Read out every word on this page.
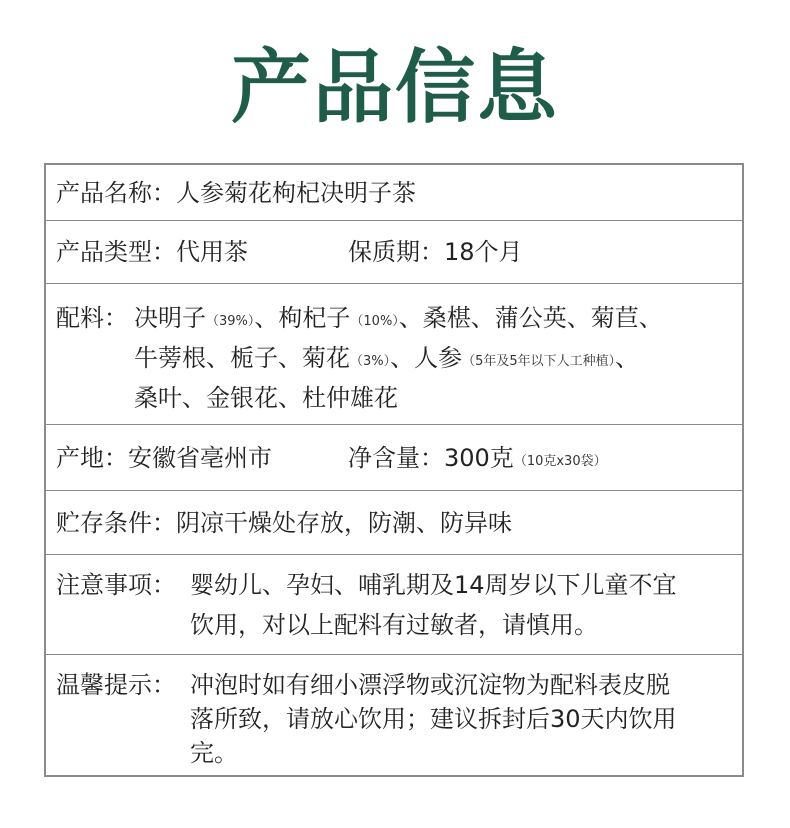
产品信息
产品名称：人参菊花枸杞决明子茶
产品类型：代用茶	保质期：18个月
配料： 决明子（39%）、枸杞子（10%）、桑椹、蒲公英、菊苣、
牛蒡根、栀子、菊花（3%）、人参（5年及5年以下人工种植）、
桑叶、金银花、杜仲雄花
产地：安徽省亳州市	净含量：300克（10克x30袋）
贮存条件：阴凉干燥处存放，防潮、防异味
注意事项： 婴幼儿、孕妇、哺乳期及14周岁以下儿童不宜
饮用，对以上配料有过敏者，请慎用。
温馨提示： 冲泡时如有细小漂浮物或沉淀物为配料表皮脱
落所致，请放心饮用；建议拆封后30天内饮用
完。
